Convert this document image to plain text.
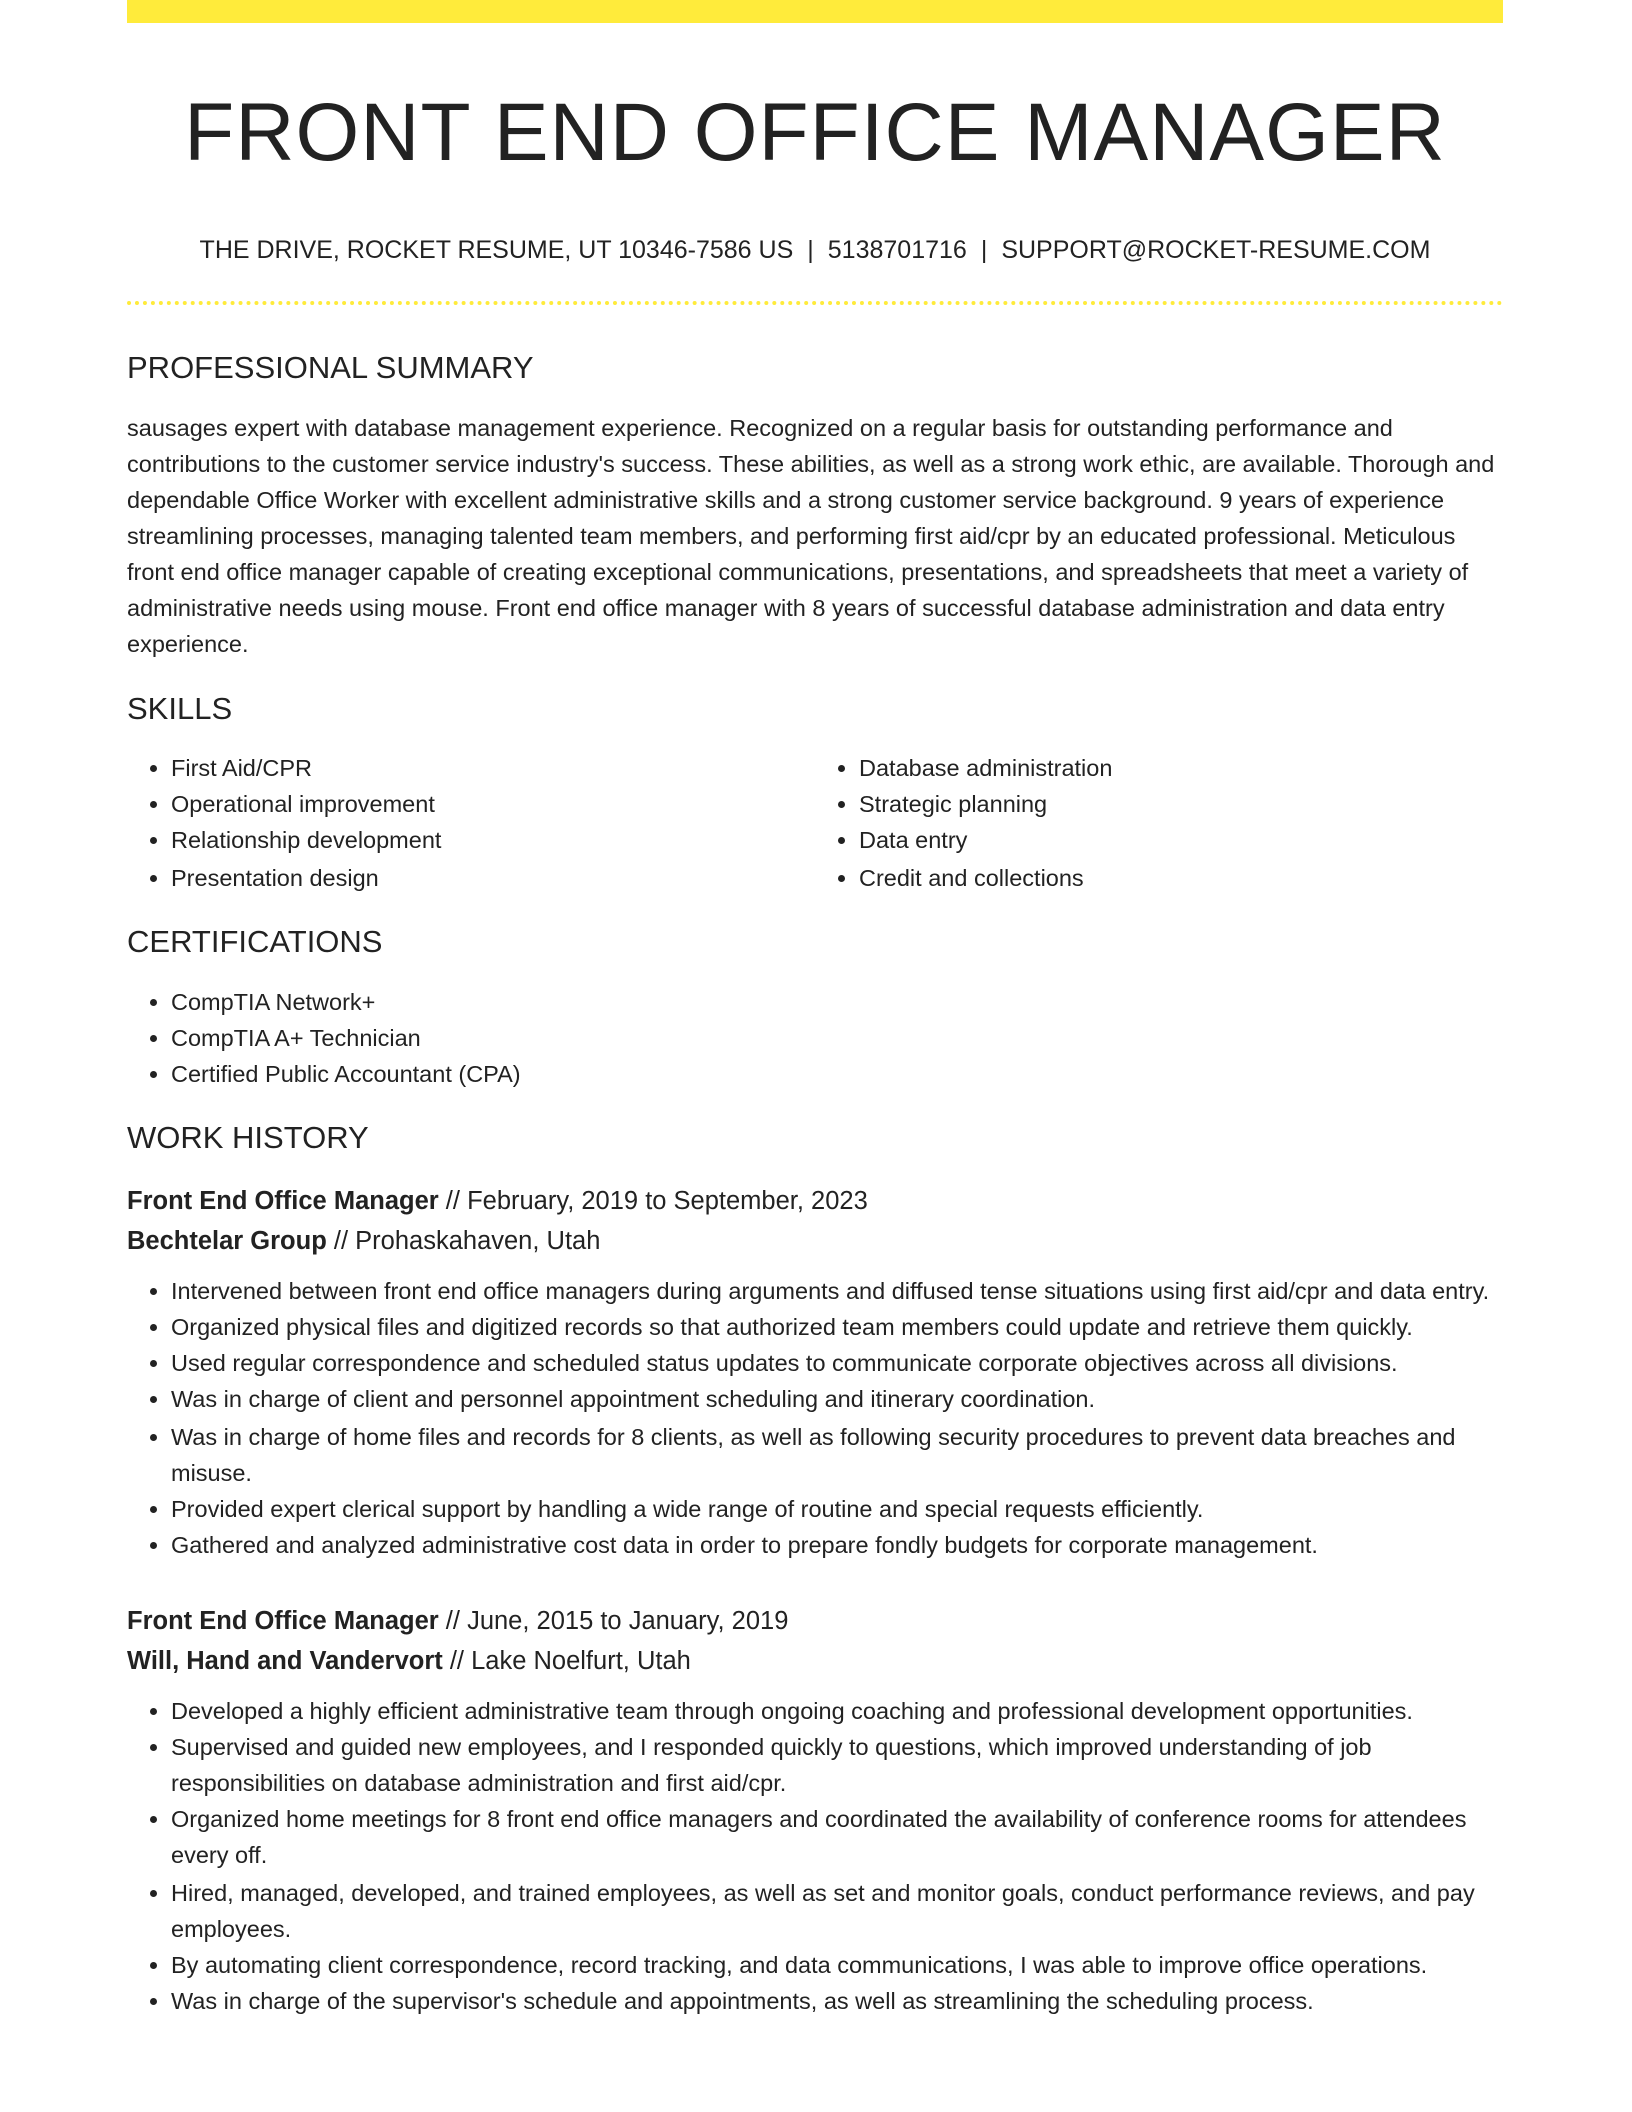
FRONT END OFFICE MANAGER
THE DRIVE, ROCKET RESUME, UT 10346-7586 US | 5138701716 | SUPPORT@ROCKET-RESUME.COM
PROFESSIONAL SUMMARY
sausages expert with database management experience. Recognized on a regular basis for outstanding performance and contributions to the customer service industry's success. These abilities, as well as a strong work ethic, are available. Thorough and dependable Office Worker with excellent administrative skills and a strong customer service background. 9 years of experience streamlining processes, managing talented team members, and performing first aid/cpr by an educated professional. Meticulous front end office manager capable of creating exceptional communications, presentations, and spreadsheets that meet a variety of administrative needs using mouse. Front end office manager with 8 years of successful database administration and data entry experience.
SKILLS
• First Aid/CPR
• Operational improvement
• Relationship development
• Presentation design
• Database administration
• Strategic planning
• Data entry
• Credit and collections
CERTIFICATIONS
• CompTIA Network+
• CompTIA A+ Technician
• Certified Public Accountant (CPA)
WORK HISTORY
Front End Office Manager // February, 2019 to September, 2023
Bechtelar Group // Prohaskahaven, Utah
• Intervened between front end office managers during arguments and diffused tense situations using first aid/cpr and data entry.
• Organized physical files and digitized records so that authorized team members could update and retrieve them quickly.
• Used regular correspondence and scheduled status updates to communicate corporate objectives across all divisions.
• Was in charge of client and personnel appointment scheduling and itinerary coordination.
• Was in charge of home files and records for 8 clients, as well as following security procedures to prevent data breaches and misuse.
• Provided expert clerical support by handling a wide range of routine and special requests efficiently.
• Gathered and analyzed administrative cost data in order to prepare fondly budgets for corporate management.
Front End Office Manager // June, 2015 to January, 2019
Will, Hand and Vandervort // Lake Noelfurt, Utah
• Developed a highly efficient administrative team through ongoing coaching and professional development opportunities.
• Supervised and guided new employees, and I responded quickly to questions, which improved understanding of job responsibilities on database administration and first aid/cpr.
• Organized home meetings for 8 front end office managers and coordinated the availability of conference rooms for attendees every off.
• Hired, managed, developed, and trained employees, as well as set and monitor goals, conduct performance reviews, and pay employees.
• By automating client correspondence, record tracking, and data communications, I was able to improve office operations.
• Was in charge of the supervisor's schedule and appointments, as well as streamlining the scheduling process.
